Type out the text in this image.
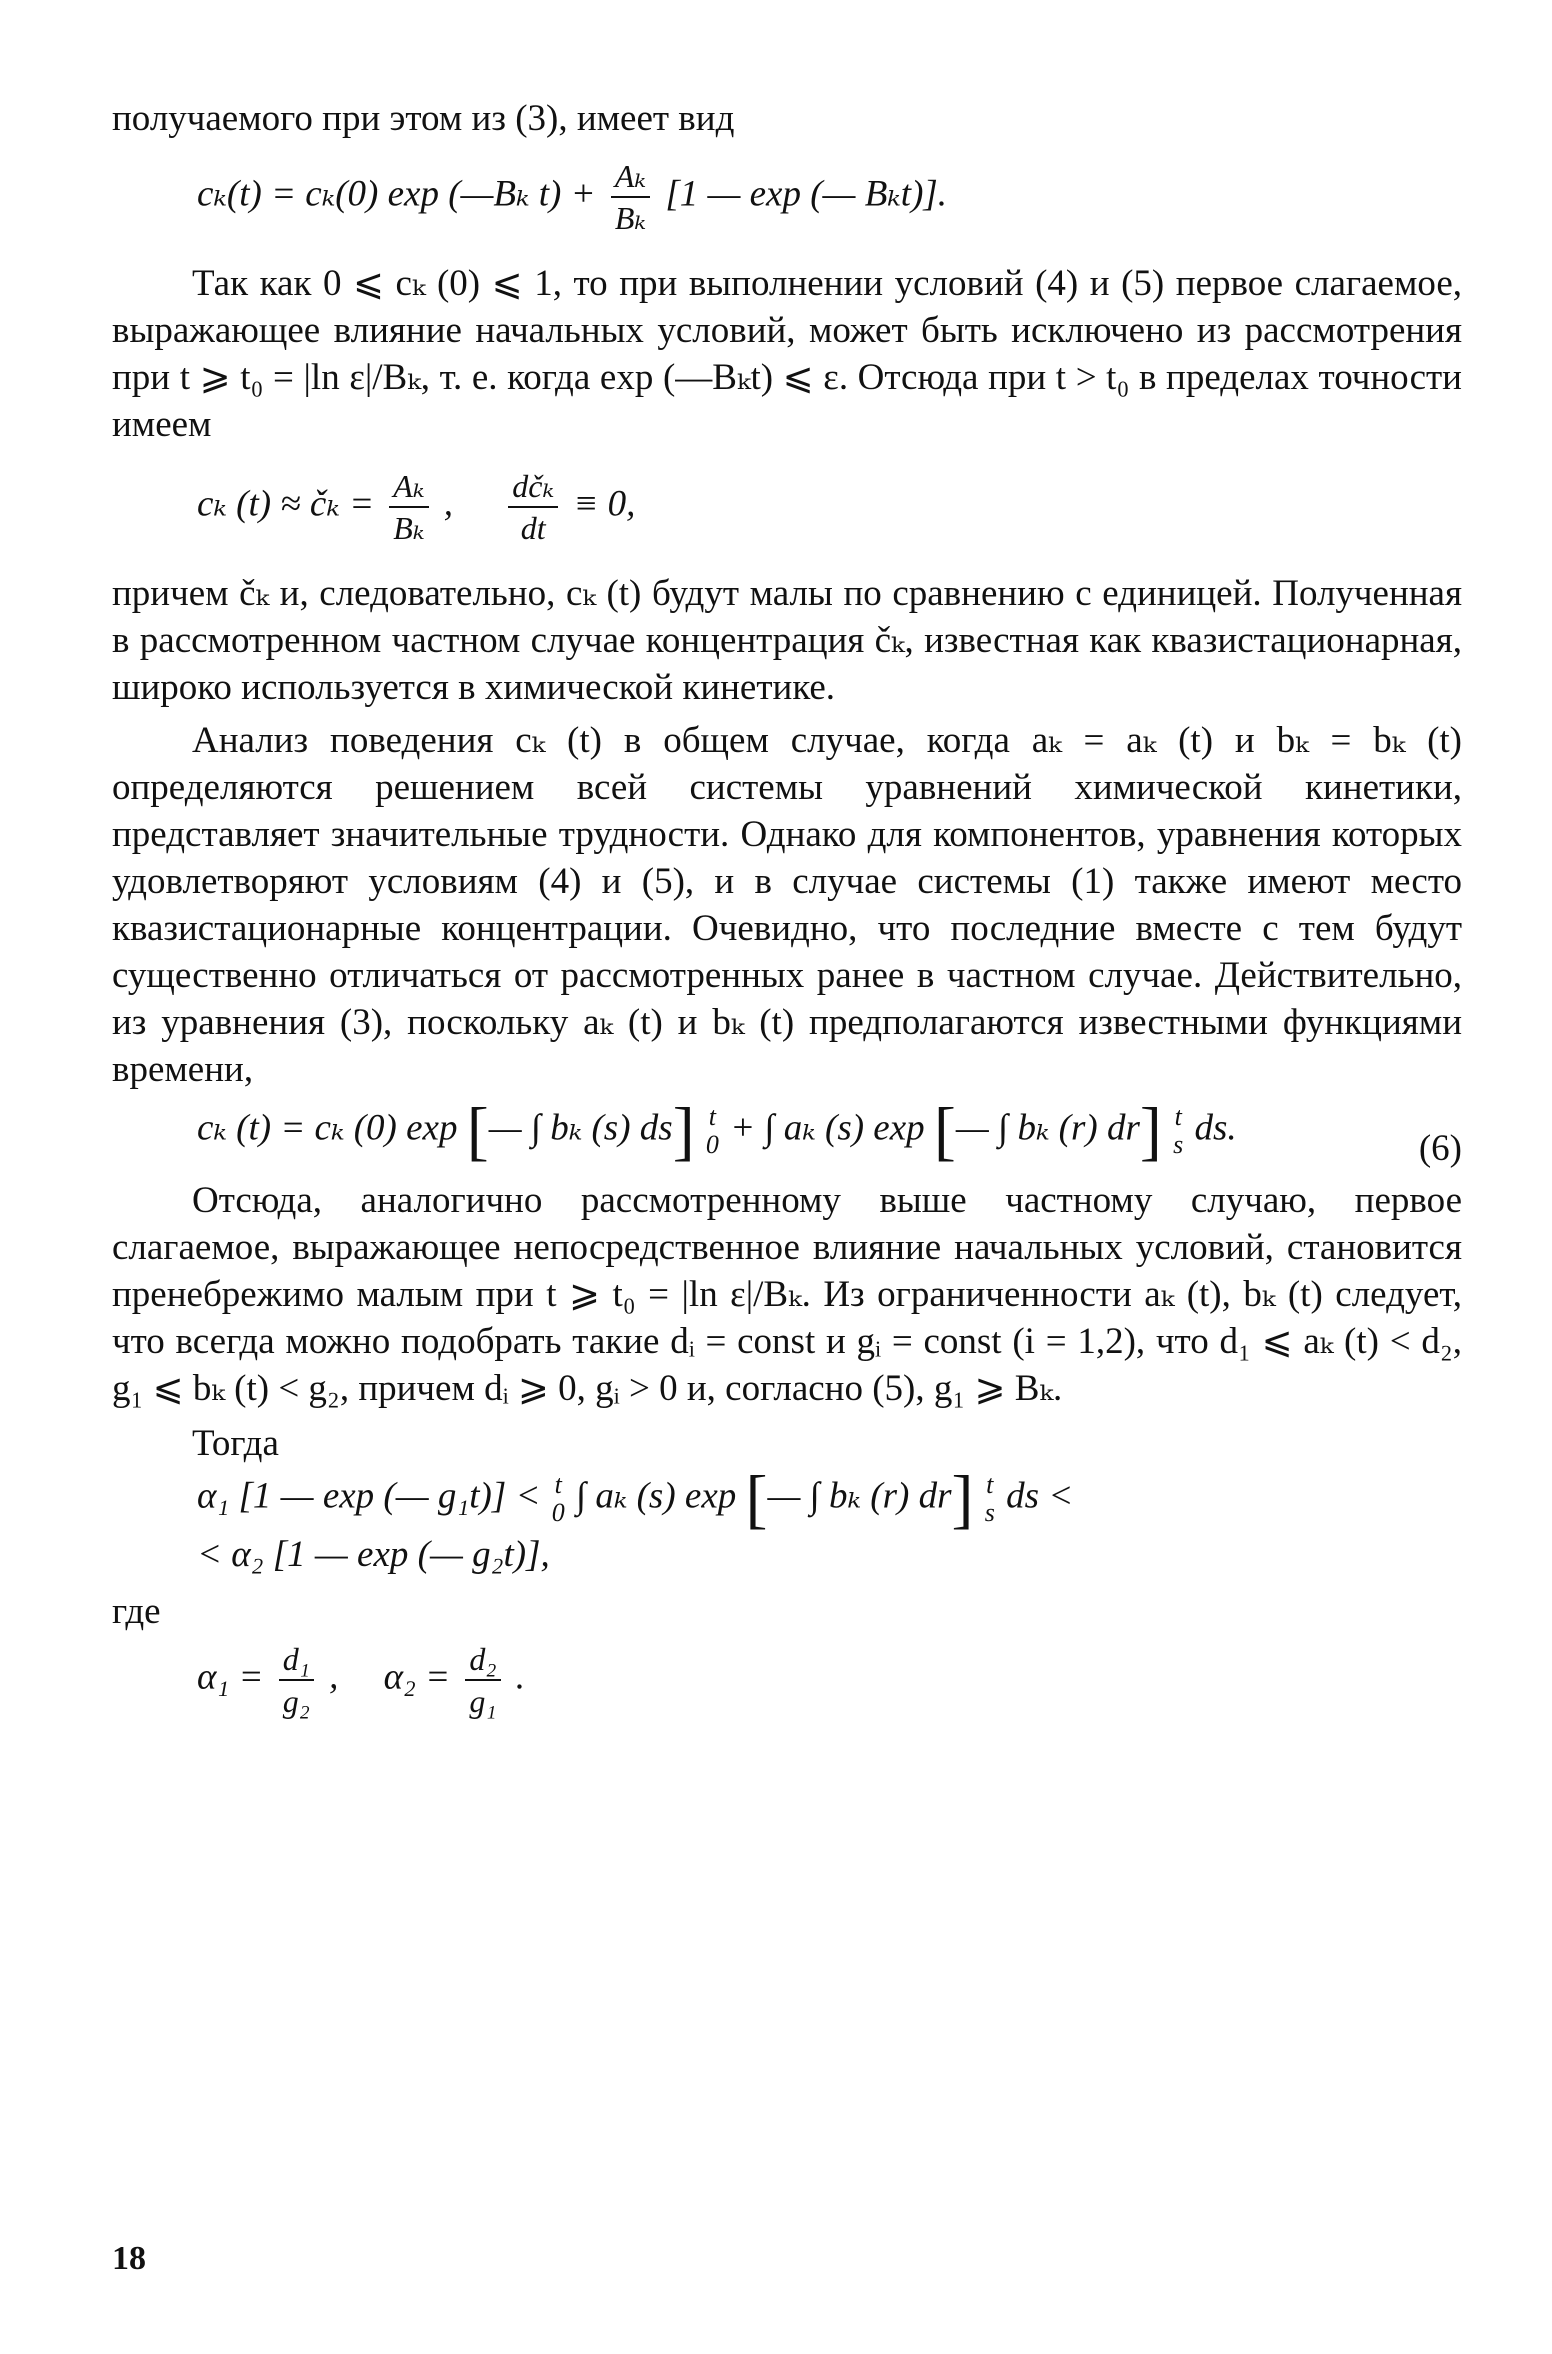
получаемого при этом из (3), имеет вид

cₖ(t) = cₖ(0) exp (—Bₖ $t) + \frac{\text{Aₖ}}{\text{Bₖ}} [1$ — exp (— Bₖt)].

Так как 0 ⩽ cₖ (0) ⩽ 1, то при выполнении условий (4) и (5) первое слагаемое, выражающее влияние начальных условий, может быть исключено из рассмотрения при t ⩾ t₀ = |ln ε|/Bₖ, т. е. когда exp (—Bₖt) ⩽ ε. Отсюда при t > t₀ в пределах точности имеем

cₖ (t) ≈ čₖ = $\frac{\text{Aₖ}}{\text{Bₖ}}$ , $\frac{\text{dčₖ}}{dt} \equiv 0$,

причем čₖ и, следовательно, cₖ (t) будут малы по сравнению с единицей. Полученная в рассмотренном частном случае концентрация čₖ, известная как квазистационарная, широко используется в химической кинетике.

Анализ поведения cₖ (t) в общем случае, когда aₖ = aₖ (t) и bₖ = bₖ (t) определяются решением всей системы уравнений химической кинетики, представляет значительные трудности. Однако для компонентов, уравнения которых удовлетворяют условиям (4) и (5), и в случае системы (1) также имеют место квазистационарные концентрации. Очевидно, что последние вместе с тем будут существенно отличаться от рассмотренных ранее в частном случае. Действительно, из уравнения (3), поскольку aₖ (t) и bₖ (t) предполагаются известными функциями времени,

cₖ (t) = cₖ (0) exp [— ∫ bₖ (s) ds] t
0 + ∫ aₖ (s) exp [— ∫ bₖ (r) dr] t
s ds.
(6)

Отсюда, аналогично рассмотренному выше частному случаю, первое слагаемое, выражающее непосредственное влияние начальных условий, становится пренебрежимо малым при t ⩾ t₀ = |ln ε|/Bₖ. Из ограниченности aₖ (t), bₖ (t) следует, что всегда можно подобрать такие dᵢ = const и gᵢ = const (i = 1,2), что d₁ ⩽ aₖ (t) < d₂, g₁ ⩽ bₖ (t) < g₂, причем dᵢ ⩾ 0, gᵢ > 0 и, согласно (5), g₁ ⩾ Bₖ.

Тогда

α₁ [1 — exp (— g₁t)] < t
0 ∫ aₖ (s) exp [— ∫ bₖ (r) dr] t
s ds <

< α₂ [1 — exp (— g₂t)],

где

$\alpha_1 = \frac{\text{d₁}}{\text{g₂}}$ , $\alpha_2 = \frac{\text{d₂}}{\text{g₁}}$ .

18
